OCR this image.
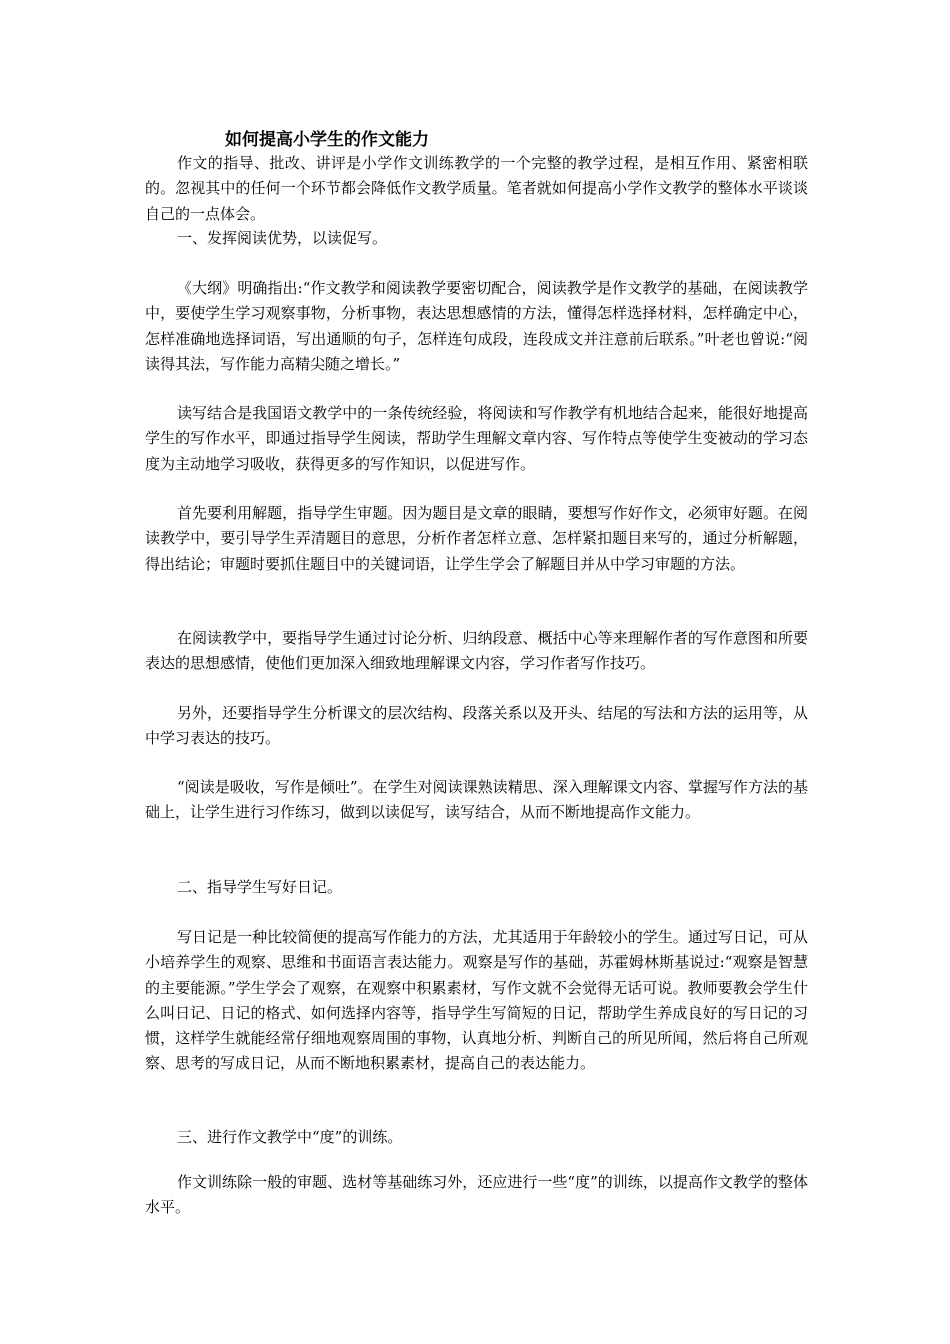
如何提高小学生的作文能力

作文的指导、批改、讲评是小学作文训练教学的一个完整的教学过程，是相互作用、紧密相联的。忽视其中的任何一个环节都会降低作文教学质量。笔者就如何提高小学作文教学的整体水平谈谈自己的一点体会。

一、发挥阅读优势，以读促写。

《大纲》明确指出:“作文教学和阅读教学要密切配合，阅读教学是作文教学的基础，在阅读教学中，要使学生学习观察事物，分析事物，表达思想感情的方法，懂得怎样选择材料，怎样确定中心，怎样准确地选择词语，写出通顺的句子，怎样连句成段，连段成文并注意前后联系。”叶老也曾说:“阅读得其法，写作能力高精尖随之增长。”

读写结合是我国语文教学中的一条传统经验，将阅读和写作教学有机地结合起来，能很好地提高学生的写作水平，即通过指导学生阅读，帮助学生理解文章内容、写作特点等使学生变被动的学习态度为主动地学习吸收，获得更多的写作知识，以促进写作。

首先要利用解题，指导学生审题。因为题目是文章的眼睛，要想写作好作文，必须审好题。在阅读教学中，要引导学生弄清题目的意思，分析作者怎样立意、怎样紧扣题目来写的，通过分析解题，得出结论；审题时要抓住题目中的关键词语，让学生学会了解题目并从中学习审题的方法。

在阅读教学中，要指导学生通过讨论分析、归纳段意、概括中心等来理解作者的写作意图和所要表达的思想感情，使他们更加深入细致地理解课文内容，学习作者写作技巧。

另外，还要指导学生分析课文的层次结构、段落关系以及开头、结尾的写法和方法的运用等，从中学习表达的技巧。

“阅读是吸收，写作是倾吐”。在学生对阅读课熟读精思、深入理解课文内容、掌握写作方法的基础上，让学生进行习作练习，做到以读促写，读写结合，从而不断地提高作文能力。

二、指导学生写好日记。

写日记是一种比较简便的提高写作能力的方法，尤其适用于年龄较小的学生。通过写日记，可从小培养学生的观察、思维和书面语言表达能力。观察是写作的基础，苏霍姆林斯基说过:“观察是智慧的主要能源。”学生学会了观察，在观察中积累素材，写作文就不会觉得无话可说。教师要教会学生什么叫日记、日记的格式、如何选择内容等，指导学生写简短的日记，帮助学生养成良好的写日记的习惯，这样学生就能经常仔细地观察周围的事物，认真地分析、判断自己的所见所闻，然后将自己所观察、思考的写成日记，从而不断地积累素材，提高自己的表达能力。

三、进行作文教学中“度”的训练。

作文训练除一般的审题、选材等基础练习外，还应进行一些“度”的训练，以提高作文教学的整体水平。
